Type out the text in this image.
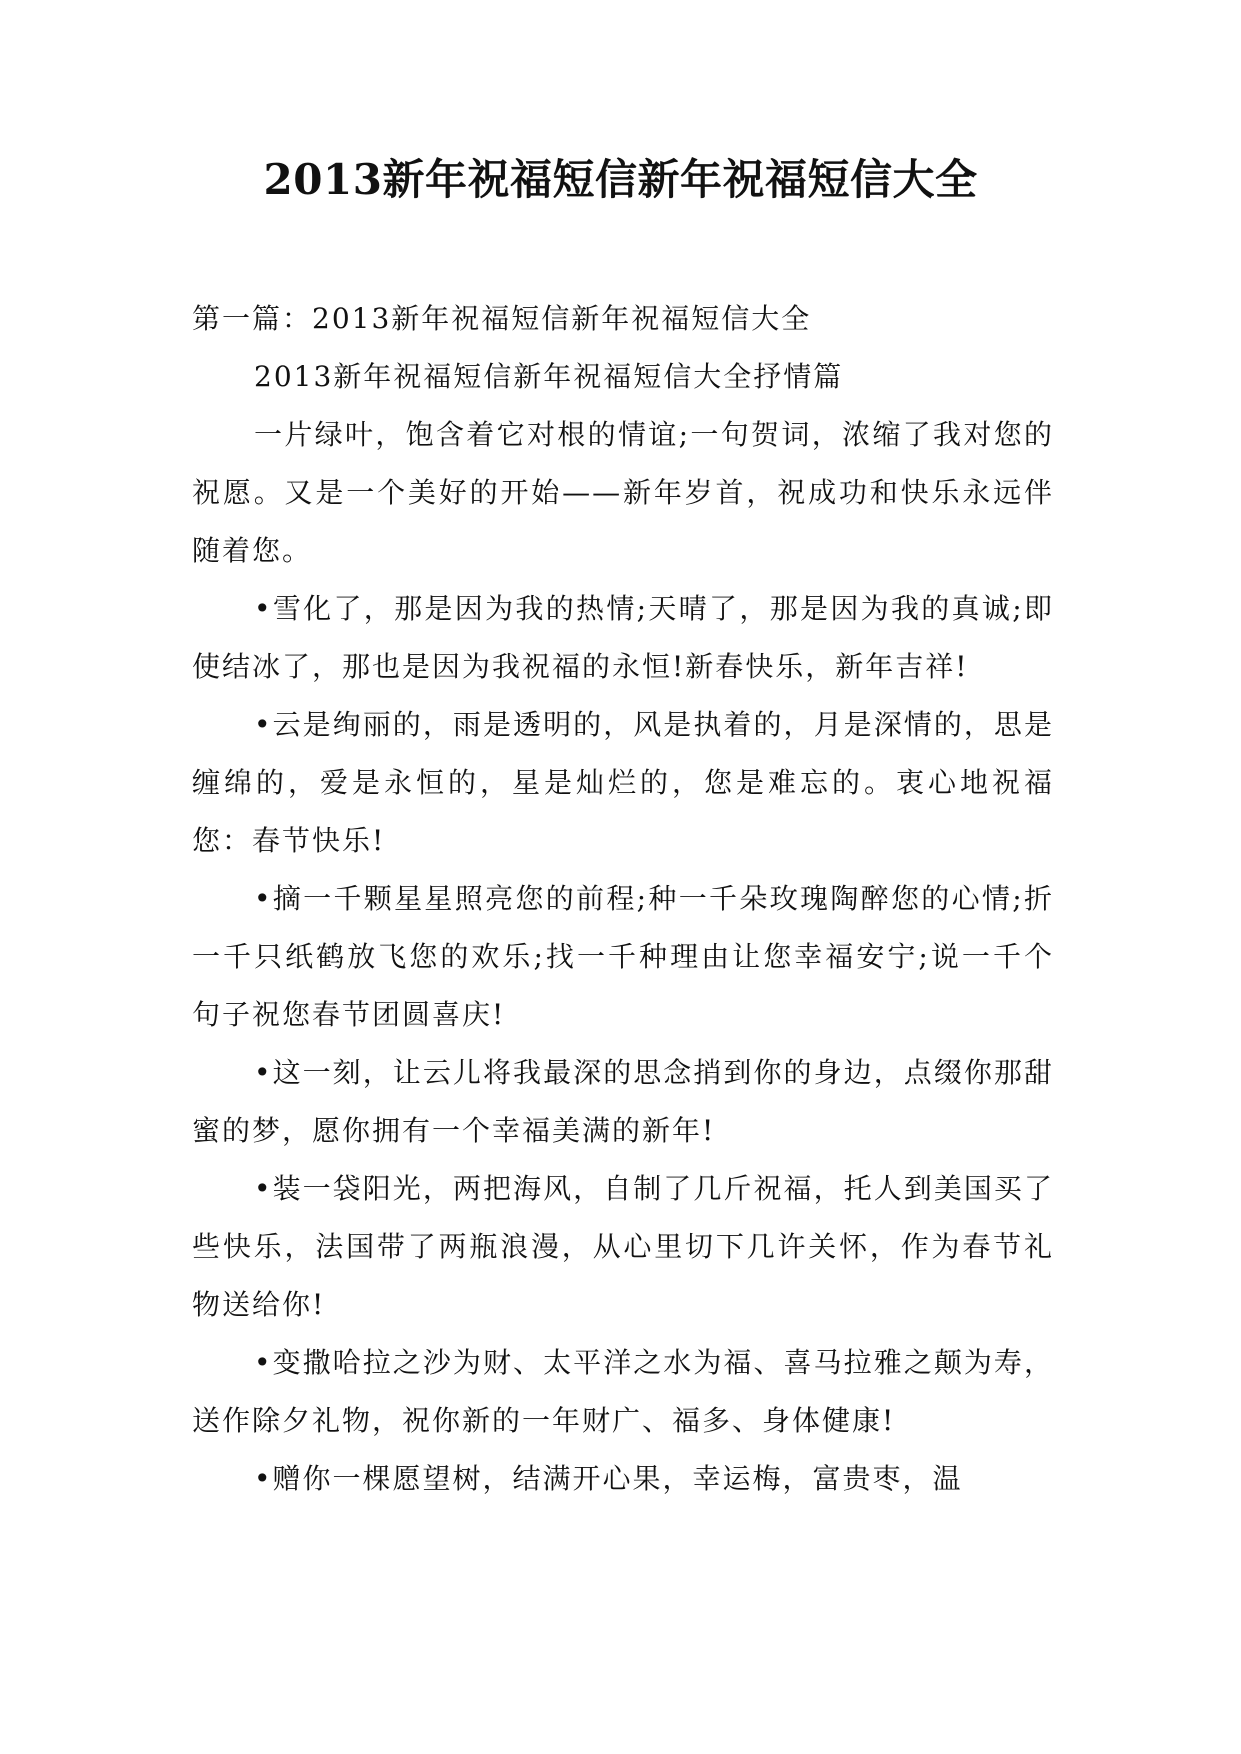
2013新年祝福短信新年祝福短信大全

第一篇：2013新年祝福短信新年祝福短信大全

2013新年祝福短信新年祝福短信大全抒情篇

一片绿叶，饱含着它对根的情谊;一句贺词，浓缩了我对您的祝愿。又是一个美好的开始——新年岁首，祝成功和快乐永远伴随着您。

•雪化了，那是因为我的热情;天晴了，那是因为我的真诚;即使结冰了，那也是因为我祝福的永恒!新春快乐，新年吉祥!

•云是绚丽的，雨是透明的，风是执着的，月是深情的，思是缠绵的，爱是永恒的，星是灿烂的，您是难忘的。衷心地祝福您：春节快乐!

•摘一千颗星星照亮您的前程;种一千朵玫瑰陶醉您的心情;折一千只纸鹤放飞您的欢乐;找一千种理由让您幸福安宁;说一千个句子祝您春节团圆喜庆!

•这一刻，让云儿将我最深的思念捎到你的身边，点缀你那甜蜜的梦，愿你拥有一个幸福美满的新年!

•装一袋阳光，两把海风，自制了几斤祝福，托人到美国买了些快乐，法国带了两瓶浪漫，从心里切下几许关怀，作为春节礼物送给你!

•变撒哈拉之沙为财、太平洋之水为福、喜马拉雅之颠为寿，送作除夕礼物，祝你新的一年财广、福多、身体健康!

•赠你一棵愿望树，结满开心果，幸运梅，富贵枣，温
